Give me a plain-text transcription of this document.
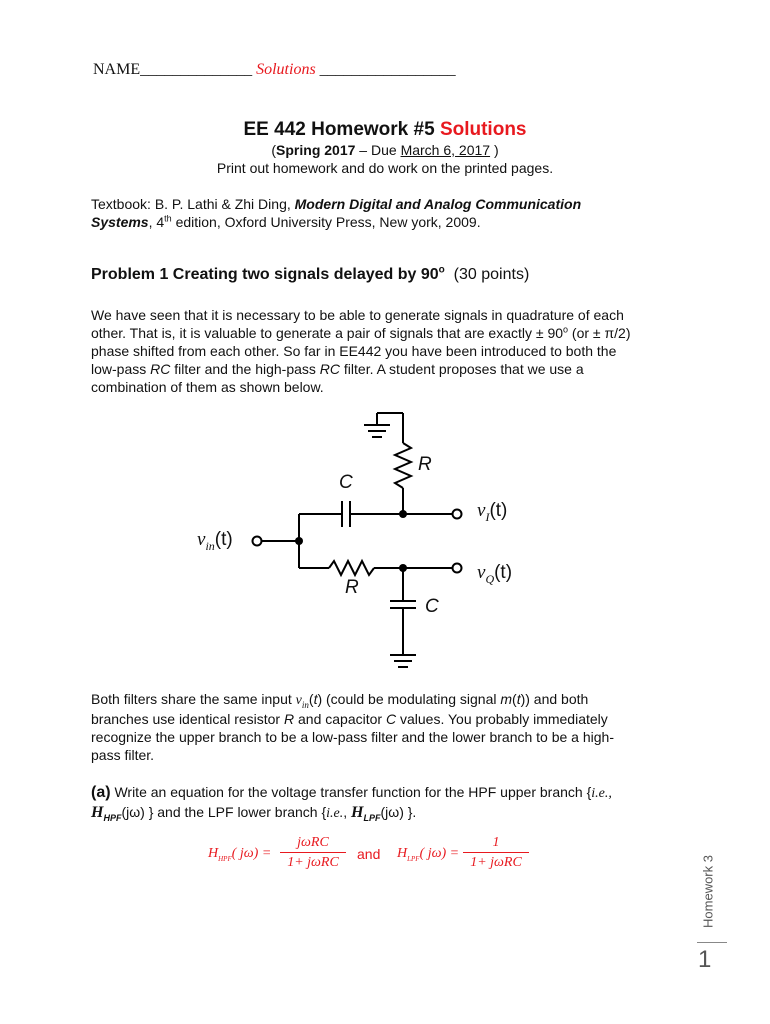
NAME______________ Solutions _________________
EE 442 Homework #5 Solutions
(Spring 2017 – Due March 6, 2017 )
Print out homework and do work on the printed pages.

Textbook: B. P. Lathi & Zhi Ding, Modern Digital and Analog Communication
Systems, 4th edition, Oxford University Press, New york, 2009.

Problem 1 Creating two signals delayed by 90$^o$ (30 points)

We have seen that it is necessary to be able to generate signals in quadrature of each
other. That is, it is valuable to generate a pair of signals that are exactly ± $90^o$ (or ± π/2)
phase shifted from each other. So far in EE442 you have been introduced to both the
low-pass RC filter and the high-pass RC filter. A student proposes that we use a
combination of them as shown below.

R
C
$v_I(t)$
$v_{in}(t)$
R
$v_Q(t)$
C

Both filters share the same input $v_{in}(t)$ (could be modulating signal m(t)) and both
branches use identical resistor R and capacitor C values. You probably immediately
recognize the upper branch to be a low-pass filter and the lower branch to be a high-
pass filter.

(a) Write an equation for the voltage transfer function for the HPF upper branch {i.e.,
$H_{HPF}(j\omega)$ } and the LPF lower branch {i.e., $H_{LPF}(j\omega)$ }.

$H_{HPF}$( jω) =
jωRC
1+ jωRC
and $H_{LPF}$( jω) =
1
1+ jωRC	Homework 3
1
